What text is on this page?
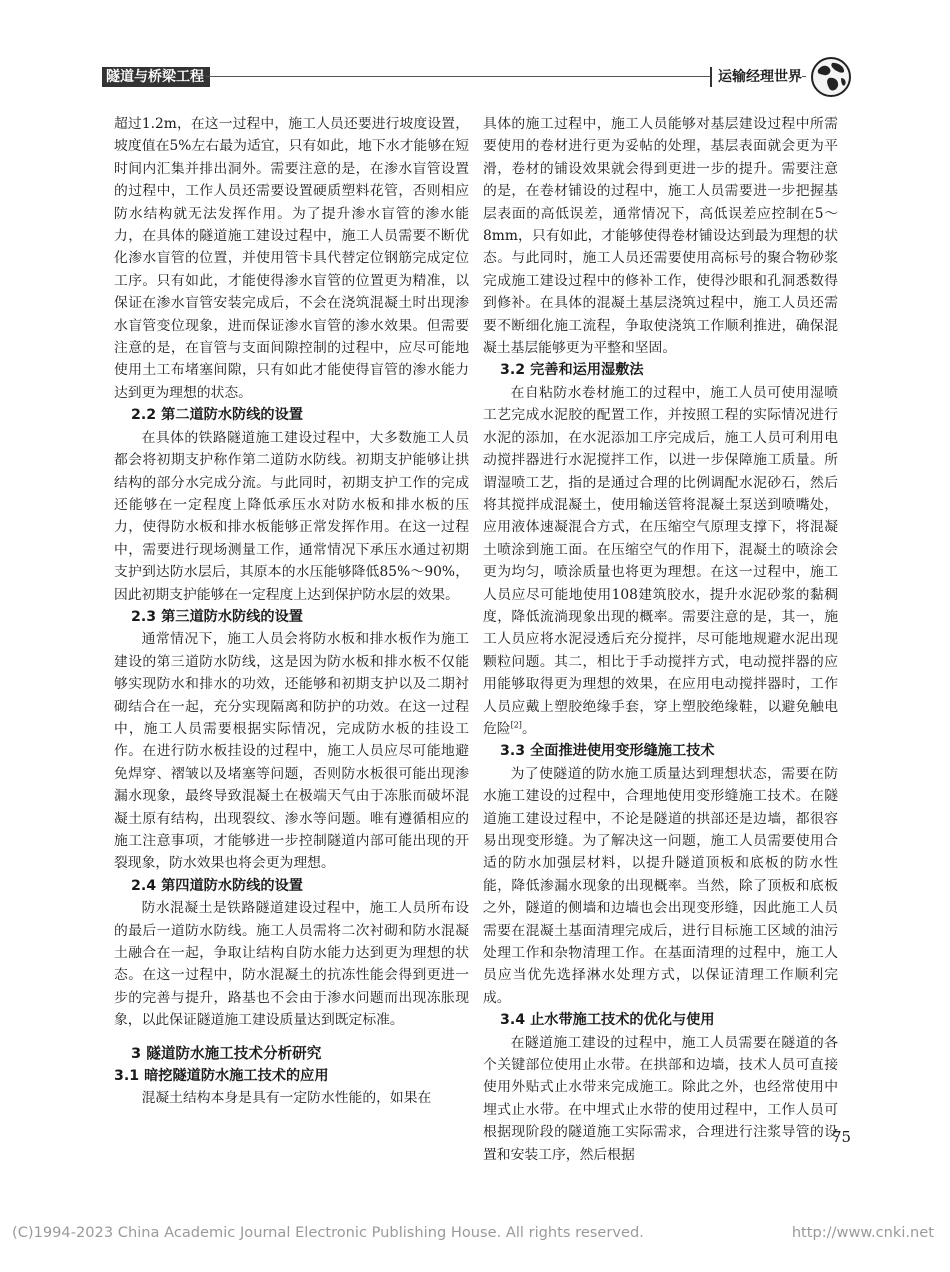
隧道与桥梁工程	运输经理世界

超过1.2m，在这一过程中，施工人员还要进行坡度设置，坡度值在5%左右最为适宜，只有如此，地下水才能够在短时间内汇集并排出洞外。需要注意的是，在渗水盲管设置的过程中，工作人员还需要设置硬质塑料花管，否则相应防水结构就无法发挥作用。为了提升渗水盲管的渗水能力，在具体的隧道施工建设过程中，施工人员需要不断优化渗水盲管的位置，并使用管卡具代替定位钢筋完成定位工序。只有如此，才能使得渗水盲管的位置更为精准，以保证在渗水盲管安装完成后，不会在浇筑混凝土时出现渗水盲管变位现象，进而保证渗水盲管的渗水效果。但需要注意的是，在盲管与支面间隙控制的过程中，应尽可能地使用土工布堵塞间隙，只有如此才能使得盲管的渗水能力达到更为理想的状态。

2.2 第二道防水防线的设置

在具体的铁路隧道施工建设过程中，大多数施工人员都会将初期支护称作第二道防水防线。初期支护能够让拱结构的部分水完成分流。与此同时，初期支护工作的完成还能够在一定程度上降低承压水对防水板和排水板的压力，使得防水板和排水板能够正常发挥作用。在这一过程中，需要进行现场测量工作，通常情况下承压水通过初期支护到达防水层后，其原本的水压能够降低85%～90%，因此初期支护能够在一定程度上达到保护防水层的效果。

2.3 第三道防水防线的设置

通常情况下，施工人员会将防水板和排水板作为施工建设的第三道防水防线，这是因为防水板和排水板不仅能够实现防水和排水的功效，还能够和初期支护以及二期衬砌结合在一起，充分实现隔离和防护的功效。在这一过程中，施工人员需要根据实际情况，完成防水板的挂设工作。在进行防水板挂设的过程中，施工人员应尽可能地避免焊穿、褶皱以及堵塞等问题，否则防水板很可能出现渗漏水现象，最终导致混凝土在极端天气由于冻胀而破坏混凝土原有结构，出现裂纹、渗水等问题。唯有遵循相应的施工注意事项，才能够进一步控制隧道内部可能出现的开裂现象，防水效果也将会更为理想。

2.4 第四道防水防线的设置

防水混凝土是铁路隧道建设过程中，施工人员所布设的最后一道防水防线。施工人员需将二次衬砌和防水混凝土融合在一起，争取让结构自防水能力达到更为理想的状态。在这一过程中，防水混凝土的抗冻性能会得到更进一步的完善与提升，路基也不会由于渗水问题而出现冻胀现象，以此保证隧道施工建设质量达到既定标准。

3 隧道防水施工技术分析研究

3.1 暗挖隧道防水施工技术的应用

混凝土结构本身是具有一定防水性能的，如果在

具体的施工过程中，施工人员能够对基层建设过程中所需要使用的卷材进行更为妥帖的处理，基层表面就会更为平滑，卷材的铺设效果就会得到更进一步的提升。需要注意的是，在卷材铺设的过程中，施工人员需要进一步把握基层表面的高低误差，通常情况下，高低误差应控制在5～8mm，只有如此，才能够使得卷材铺设达到最为理想的状态。与此同时，施工人员还需要使用高标号的聚合物砂浆完成施工建设过程中的修补工作，使得沙眼和孔洞悉数得到修补。在具体的混凝土基层浇筑过程中，施工人员还需要不断细化施工流程，争取使浇筑工作顺利推进，确保混凝土基层能够更为平整和坚固。

3.2 完善和运用湿敷法

在自粘防水卷材施工的过程中，施工人员可使用湿喷工艺完成水泥胶的配置工作，并按照工程的实际情况进行水泥的添加，在水泥添加工序完成后，施工人员可利用电动搅拌器进行水泥搅拌工作，以进一步保障施工质量。所谓湿喷工艺，指的是通过合理的比例调配水泥砂石，然后将其搅拌成混凝土，使用输送管将混凝土泵送到喷嘴处，应用液体速凝混合方式，在压缩空气原理支撑下，将混凝土喷涂到施工面。在压缩空气的作用下，混凝土的喷涂会更为均匀，喷涂质量也将更为理想。在这一过程中，施工人员应尽可能地使用108建筑胶水，提升水泥砂浆的黏稠度，降低流淌现象出现的概率。需要注意的是，其一，施工人员应将水泥浸透后充分搅拌，尽可能地规避水泥出现颗粒问题。其二，相比于手动搅拌方式，电动搅拌器的应用能够取得更为理想的效果，在应用电动搅拌器时，工作人员应戴上塑胶绝缘手套，穿上塑胶绝缘鞋，以避免触电危险[2]。

3.3 全面推进使用变形缝施工技术

为了使隧道的防水施工质量达到理想状态，需要在防水施工建设的过程中，合理地使用变形缝施工技术。在隧道施工建设过程中，不论是隧道的拱部还是边墙，都很容易出现变形缝。为了解决这一问题，施工人员需要使用合适的防水加强层材料，以提升隧道顶板和底板的防水性能，降低渗漏水现象的出现概率。当然，除了顶板和底板之外，隧道的侧墙和边墙也会出现变形缝，因此施工人员需要在混凝土基面清理完成后，进行目标施工区域的油污处理工作和杂物清理工作。在基面清理的过程中，施工人员应当优先选择淋水处理方式，以保证清理工作顺利完成。

3.4 止水带施工技术的优化与使用

在隧道施工建设的过程中，施工人员需要在隧道的各个关键部位使用止水带。在拱部和边墙，技术人员可直接使用外贴式止水带来完成施工。除此之外，也经常使用中埋式止水带。在中埋式止水带的使用过程中，工作人员可根据现阶段的隧道施工实际需求，合理进行注浆导管的设置和安装工序，然后根据

75
(C)1994-2023 China Academic Journal Electronic Publishing House. All rights reserved.	http://www.cnki.net
